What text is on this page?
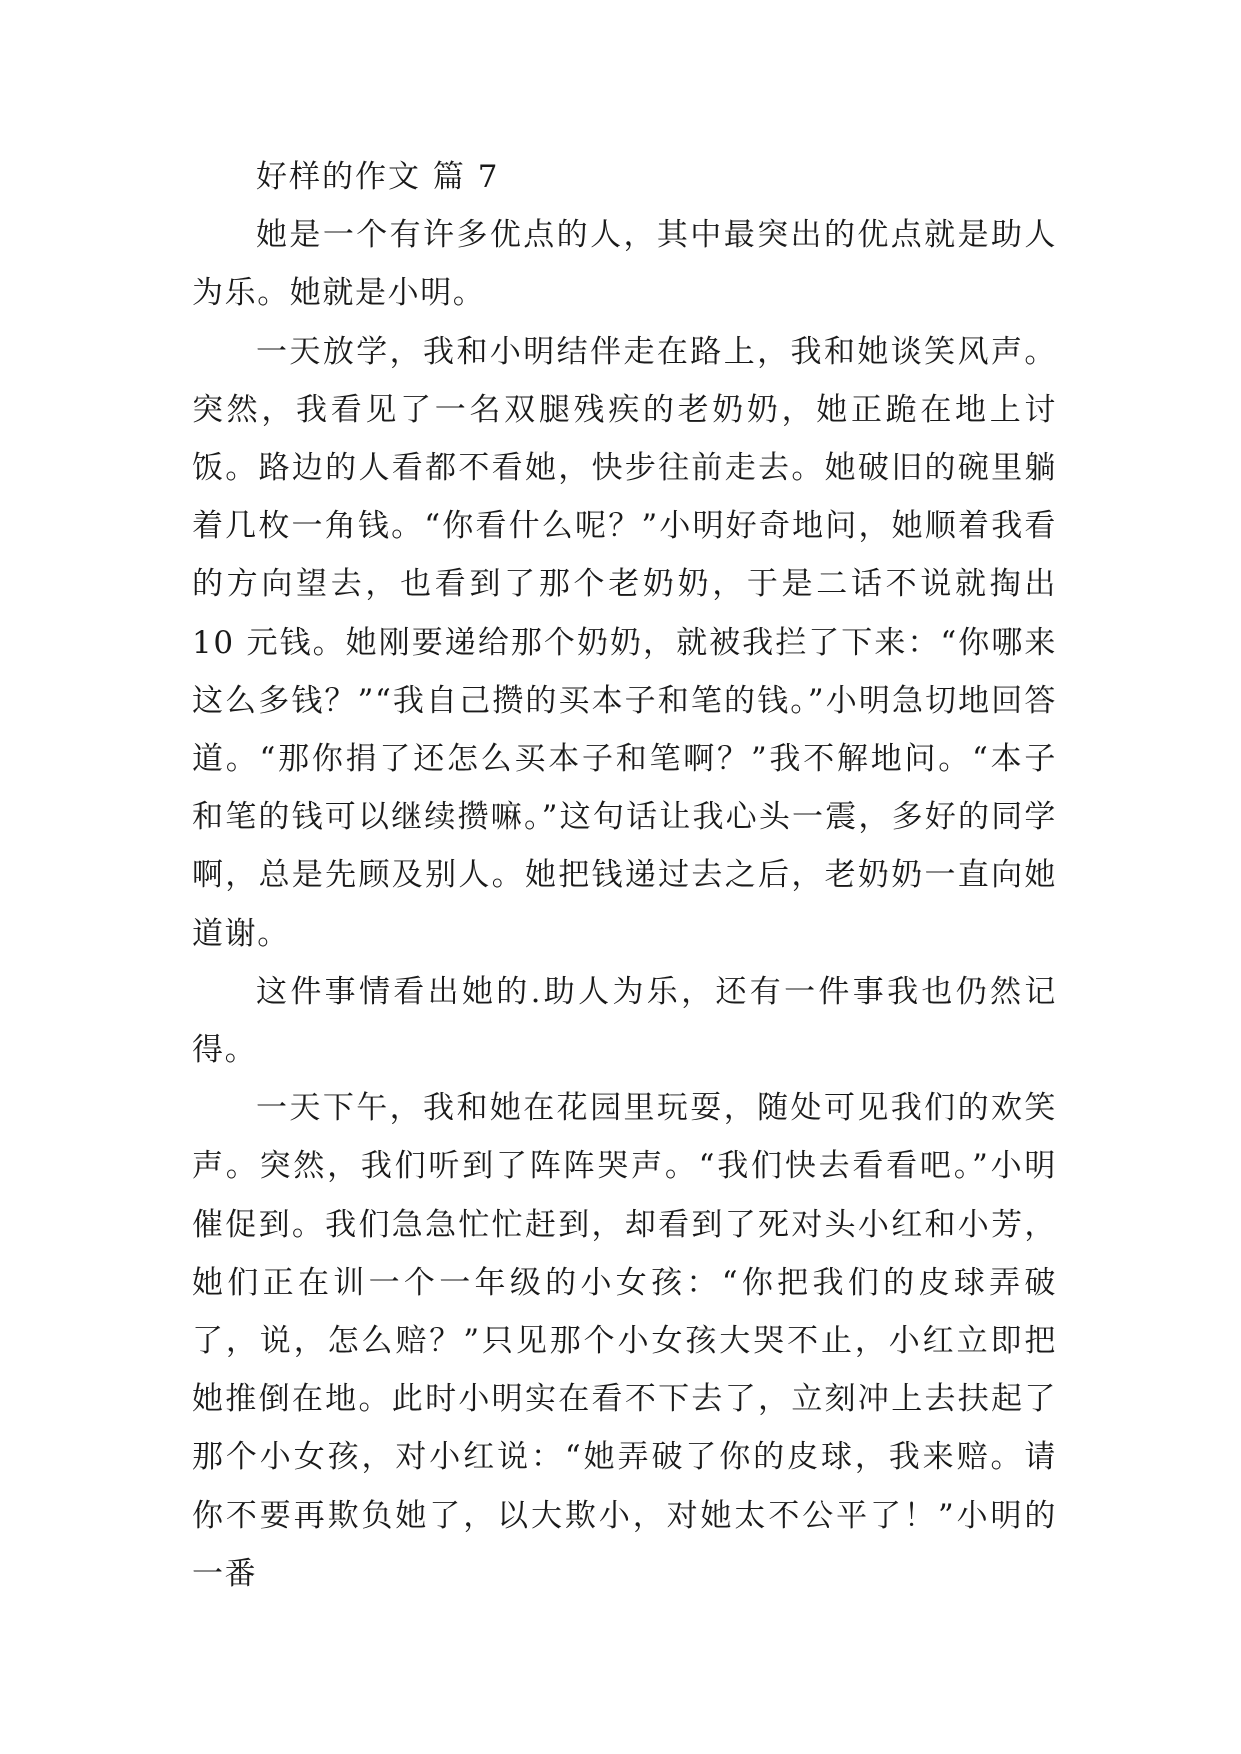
好样的作文 篇 7

她是一个有许多优点的人，其中最突出的优点就是助人为乐。她就是小明。

一天放学，我和小明结伴走在路上，我和她谈笑风声。突然，我看见了一名双腿残疾的老奶奶，她正跪在地上讨饭。路边的人看都不看她，快步往前走去。她破旧的碗里躺着几枚一角钱。“你看什么呢？”小明好奇地问，她顺着我看的方向望去，也看到了那个老奶奶，于是二话不说就掏出 10 元钱。她刚要递给那个奶奶，就被我拦了下来：“你哪来这么多钱？”“我自己攒的买本子和笔的钱。”小明急切地回答道。“那你捐了还怎么买本子和笔啊？”我不解地问。“本子和笔的钱可以继续攒嘛。”这句话让我心头一震，多好的同学啊，总是先顾及别人。她把钱递过去之后，老奶奶一直向她道谢。

这件事情看出她的.助人为乐，还有一件事我也仍然记得。

一天下午，我和她在花园里玩耍，随处可见我们的欢笑声。突然，我们听到了阵阵哭声。“我们快去看看吧。”小明催促到。我们急急忙忙赶到，却看到了死对头小红和小芳，她们正在训一个一年级的小女孩：“你把我们的皮球弄破了，说，怎么赔？”只见那个小女孩大哭不止，小红立即把她推倒在地。此时小明实在看不下去了，立刻冲上去扶起了那个小女孩，对小红说：“她弄破了你的皮球，我来赔。请你不要再欺负她了，以大欺小，对她太不公平了！”小明的一番
